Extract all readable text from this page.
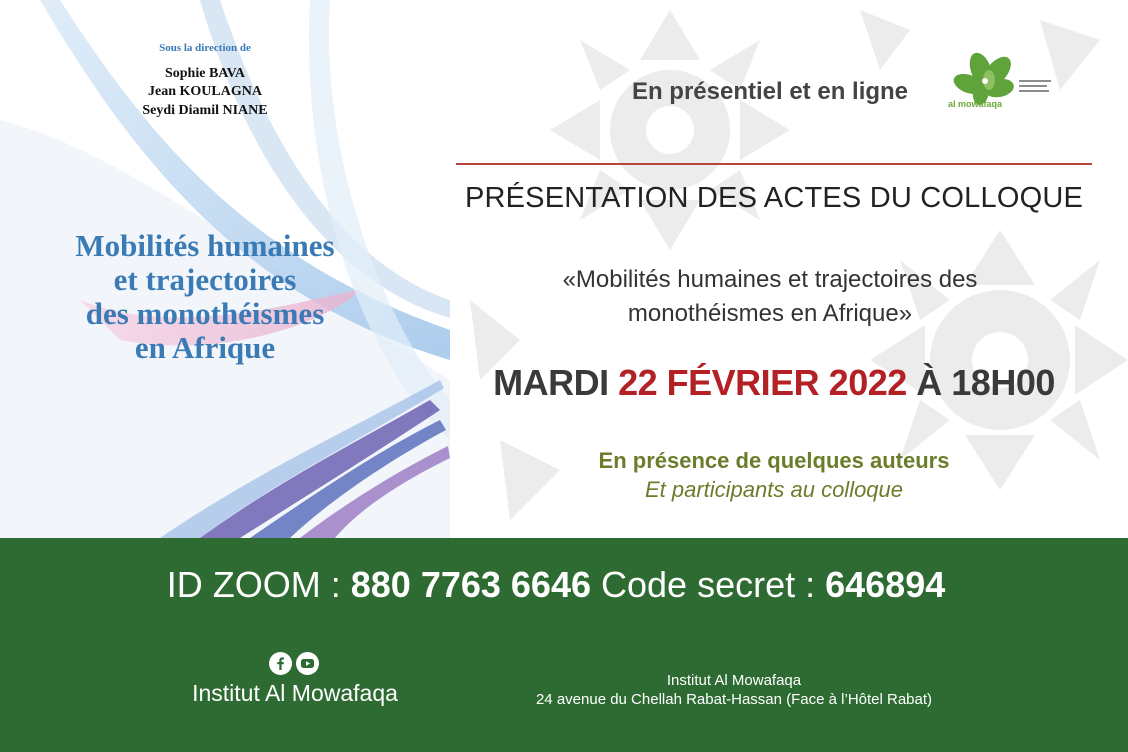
Sous la direction de
Sophie BAVA
Jean KOULAGNA
Seydi Diamil NIANE
Mobilités humaines
et trajectoires
des monothéismes
en Afrique
En présentiel et en ligne	al mowafaqa
PRÉSENTATION DES ACTES DU COLLOQUE
«Mobilités humaines et trajectoires des
monothéismes en Afrique»
MARDI 22 FÉVRIER 2022 À 18H00
En présence de quelques auteurs
Et participants au colloque
ID ZOOM : 880 7763 6646 Code secret : 646894
Institut Al Mowafaqa	Institut Al Mowafaqa
24 avenue du Chellah Rabat-Hassan (Face à l’Hôtel Rabat)
